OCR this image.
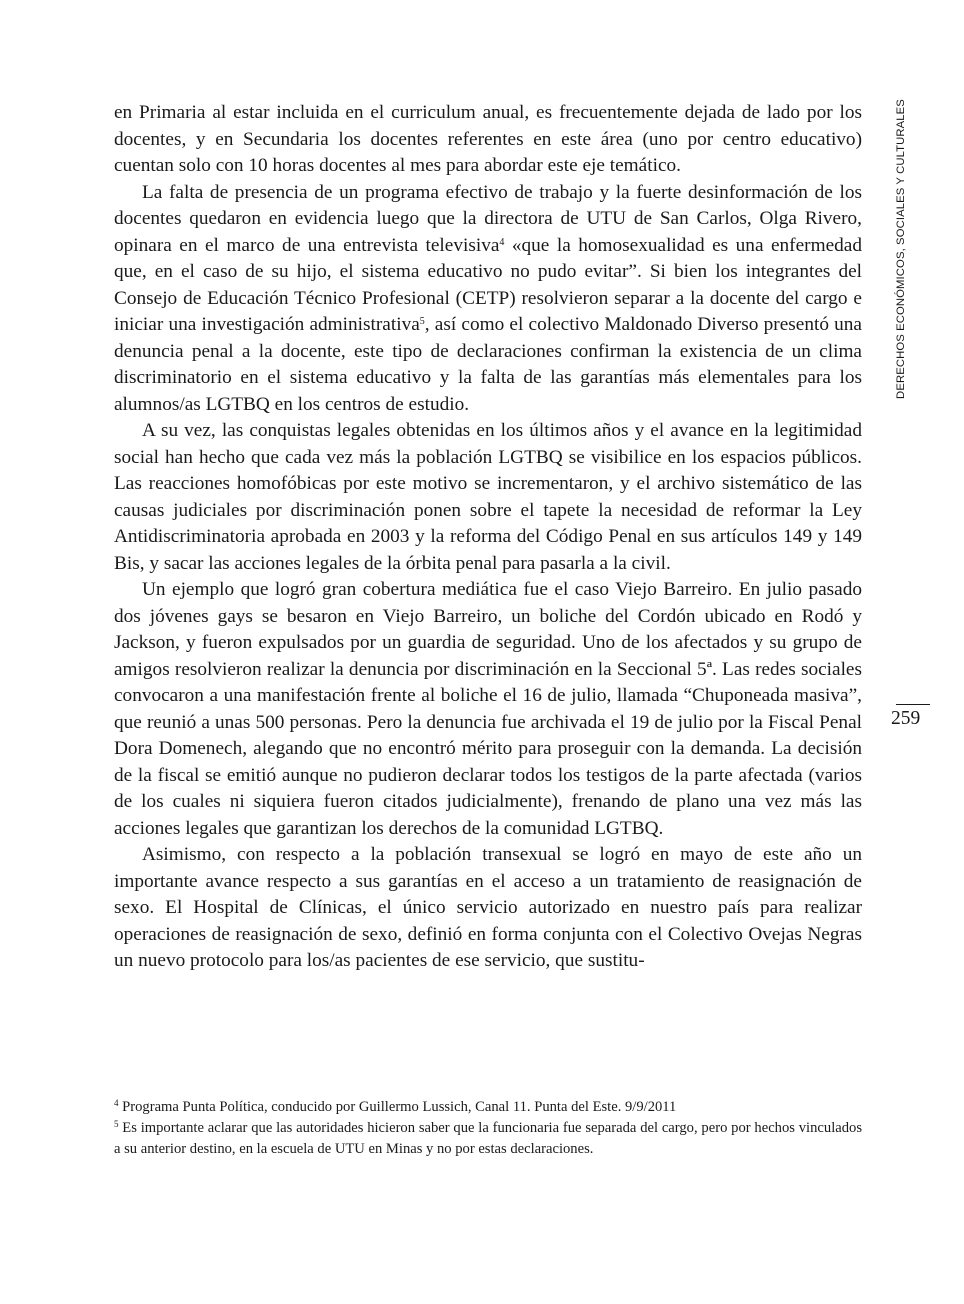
DERECHOS ECONÓMICOS, SOCIALES Y CULTURALES
259

en Primaria al estar incluida en el curriculum anual, es frecuentemente dejada de lado por los docentes, y en Secundaria los docentes referentes en este área (uno por centro educativo) cuentan solo con 10 horas docentes al mes para abordar este eje temático.

La falta de presencia de un programa efectivo de trabajo y la fuerte desinformación de los docentes quedaron en evidencia luego que la directora de UTU de San Carlos, Olga Rivero, opinara en el marco de una entrevista televisiva$^4$ «que la homosexualidad es una enfermedad que, en el caso de su hijo, el sistema educativo no pudo evitar”. Si bien los integrantes del Consejo de Educación Técnico Profesional (CETP) resolvieron separar a la docente del cargo e iniciar una investigación administrativa$^5$, así como el colectivo Maldonado Diverso presentó una denuncia penal a la docente, este tipo de declaraciones confirman la existencia de un clima discriminatorio en el sistema educativo y la falta de las garantías más elementales para los alumnos/as LGTBQ en los centros de estudio.

A su vez, las conquistas legales obtenidas en los últimos años y el avance en la legitimidad social han hecho que cada vez más la población LGTBQ se visibilice en los espacios públicos. Las reacciones homofóbicas por este motivo se incrementaron, y el archivo sistemático de las causas judiciales por discriminación ponen sobre el tapete la necesidad de reformar la Ley Antidiscriminatoria aprobada en 2003 y la reforma del Código Penal en sus artículos 149 y 149 Bis, y sacar las acciones legales de la órbita penal para pasarla a la civil.

Un ejemplo que logró gran cobertura mediática fue el caso Viejo Barreiro. En julio pasado dos jóvenes gays se besaron en Viejo Barreiro, un boliche del Cordón ubicado en Rodó y Jackson, y fueron expulsados por un guardia de seguridad. Uno de los afectados y su grupo de amigos resolvieron realizar la denuncia por discriminación en la Seccional 5ª. Las redes sociales convocaron a una manifestación frente al boliche el 16 de julio, llamada “Chuponeada masiva”, que reunió a unas 500 personas. Pero la denuncia fue archivada el 19 de julio por la Fiscal Penal Dora Domenech, alegando que no encontró mérito para proseguir con la demanda. La decisión de la fiscal se emitió aunque no pudieron declarar todos los testigos de la parte afectada (varios de los cuales ni siquiera fueron citados judicialmente), frenando de plano una vez más las acciones legales que garantizan los derechos de la comunidad LGTBQ.

Asimismo, con respecto a la población transexual se logró en mayo de este año un importante avance respecto a sus garantías en el acceso a un tratamiento de reasignación de sexo. El Hospital de Clínicas, el único servicio autorizado en nuestro país para realizar operaciones de reasignación de sexo, definió en forma conjunta con el Colectivo Ovejas Negras un nuevo protocolo para los/as pacientes de ese servicio, que sustitu-

$^4$ Programa Punta Política, conducido por Guillermo Lussich, Canal 11. Punta del Este. 9/9/2011

$^5$ Es importante aclarar que las autoridades hicieron saber que la funcionaria fue separada del cargo, pero por hechos vinculados a su anterior destino, en la escuela de UTU en Minas y no por estas declaraciones.
